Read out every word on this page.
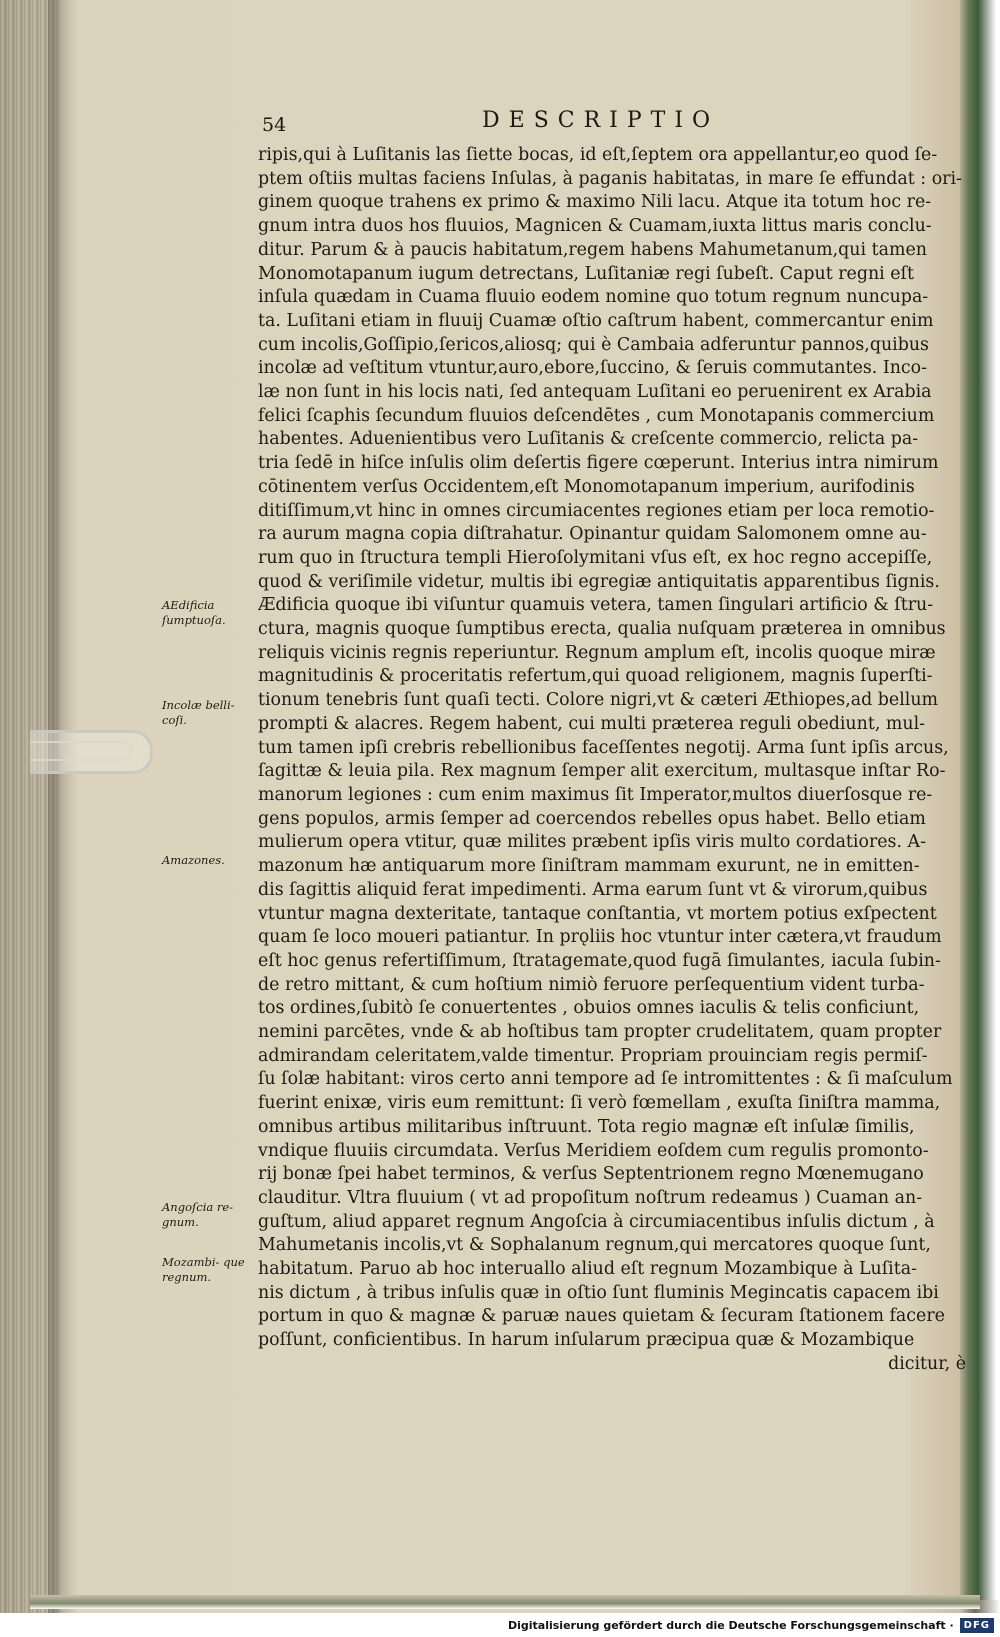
54	DESCRIPTIO
ripis,qui à Luſitanis las ſiette bocas, id eſt,ſeptem ora appellantur,eo quod ſe-
ptem oſtiis multas faciens Inſulas, à paganis habitatas, in mare ſe effundat : ori-
ginem quoque trahens ex primo & maximo Nili lacu. Atque ita totum hoc re-
gnum intra duos hos fluuios, Magnicen & Cuamam,iuxta littus maris conclu-
ditur. Parum & à paucis habitatum,regem habens Mahumetanum,qui tamen
Monomotapanum iugum detrectans, Luſitaniæ regi ſubeſt. Caput regni eſt
inſula quædam in Cuama fluuio eodem nomine quo totum regnum nuncupa-
ta. Luſitani etiam in fluuij Cuamæ oſtio caſtrum habent, commercantur enim
cum incolis,Goſſipio,ſericos,aliosq; qui è Cambaia adferuntur pannos,quibus
incolæ ad veſtitum vtuntur,auro,ebore,ſuccino, & ſeruis commutantes. Inco-
læ non ſunt in his locis nati, ſed antequam Luſitani eo peruenirent ex Arabia
felici ſcaphis ſecundum fluuios deſcendētes , cum Monotapanis commercium
habentes. Aduenientibus vero Luſitanis & creſcente commercio, relicta pa-
tria ſedē in hiſce inſulis olim deſertis figere cœperunt. Interius intra nimirum
cōtinentem verſus Occidentem,eſt Monomotapanum imperium, aurifodinis
ditiſſimum,vt hinc in omnes circumiacentes regiones etiam per loca remotio-
ra aurum magna copia diſtrahatur. Opinantur quidam Salomonem omne au-
rum quo in ſtructura templi Hieroſolymitani vſus eſt, ex hoc regno accepiſſe,
quod & veriſimile videtur, multis ibi egregiæ antiquitatis apparentibus ſignis.
Ædificia quoque ibi viſuntur quamuis vetera, tamen ſingulari artificio & ſtru-
ctura, magnis quoque ſumptibus erecta, qualia nuſquam præterea in omnibus
reliquis vicinis regnis reperiuntur. Regnum amplum eſt, incolis quoque miræ
magnitudinis & proceritatis refertum,qui quoad religionem, magnis ſuperſti-
tionum tenebris ſunt quaſi tecti. Colore nigri,vt & cæteri Æthiopes,ad bellum
prompti & alacres. Regem habent, cui multi præterea reguli obediunt, mul-
tum tamen ipſi crebris rebellionibus faceſſentes negotij. Arma ſunt ipſis arcus,
ſagittæ & leuia pila. Rex magnum ſemper alit exercitum, multasque inſtar Ro-
manorum legiones : cum enim maximus ſit Imperator,multos diuerſosque re-
gens populos, armis ſemper ad coercendos rebelles opus habet. Bello etiam
mulierum opera vtitur, quæ milites præbent ipſis viris multo cordatiores. A-
mazonum hæ antiquarum more ſiniſtram mammam exurunt, ne in emitten-
dis ſagittis aliquid ferat impedimenti. Arma earum ſunt vt & virorum,quibus
vtuntur magna dexteritate, tantaque conſtantia, vt mortem potius exſpectent
quam ſe loco moueri patiantur. In prǫliis hoc vtuntur inter cætera,vt fraudum
eſt hoc genus refertiſſimum, ſtratagemate,quod fugā ſimulantes, iacula ſubin-
de retro mittant, & cum hoſtium nimiò feruore perſequentium vident turba-
tos ordines,ſubitò ſe conuertentes , obuios omnes iaculis & telis conficiunt,
nemini parcētes, vnde & ab hoſtibus tam propter crudelitatem, quam propter
admirandam celeritatem,valde timentur. Propriam prouinciam regis permiſ-
ſu ſolæ habitant: viros certo anni tempore ad ſe intromittentes : & ſi maſculum
fuerint enixæ, viris eum remittunt: ſi verò fœmellam , exuſta ſiniſtra mamma,
omnibus artibus militaribus inſtruunt. Tota regio magnæ eſt inſulæ ſimilis,
vndique fluuiis circumdata. Verſus Meridiem eoſdem cum regulis promonto-
rij bonæ ſpei habet terminos, & verſus Septentrionem regno Mœnemugano
clauditur. Vltra fluuium ( vt ad propoſitum noſtrum redeamus ) Cuaman an-
guſtum, aliud apparet regnum Angoſcia à circumiacentibus inſulis dictum , à
Mahumetanis incolis,vt & Sophalanum regnum,qui mercatores quoque ſunt,
habitatum. Paruo ab hoc interuallo aliud eſt regnum Mozambique à Luſita-
nis dictum , à tribus inſulis quæ in oſtio ſunt fluminis Megincatis capacem ibi
portum in quo & magnæ & paruæ naues quietam & ſecuram ſtationem facere
poſſunt, conficientibus. In harum inſularum præcipua quæ & Mozambique
dicitur, è
AEdificia ſumptuoſa.
Incolæ belli- coſi.
Amazones.
Angoſcia re- gnum.
Mozambi- que regnum.
Digitalisierung gefördert durch die Deutsche Forschungsgemeinschaft ·	DFG
